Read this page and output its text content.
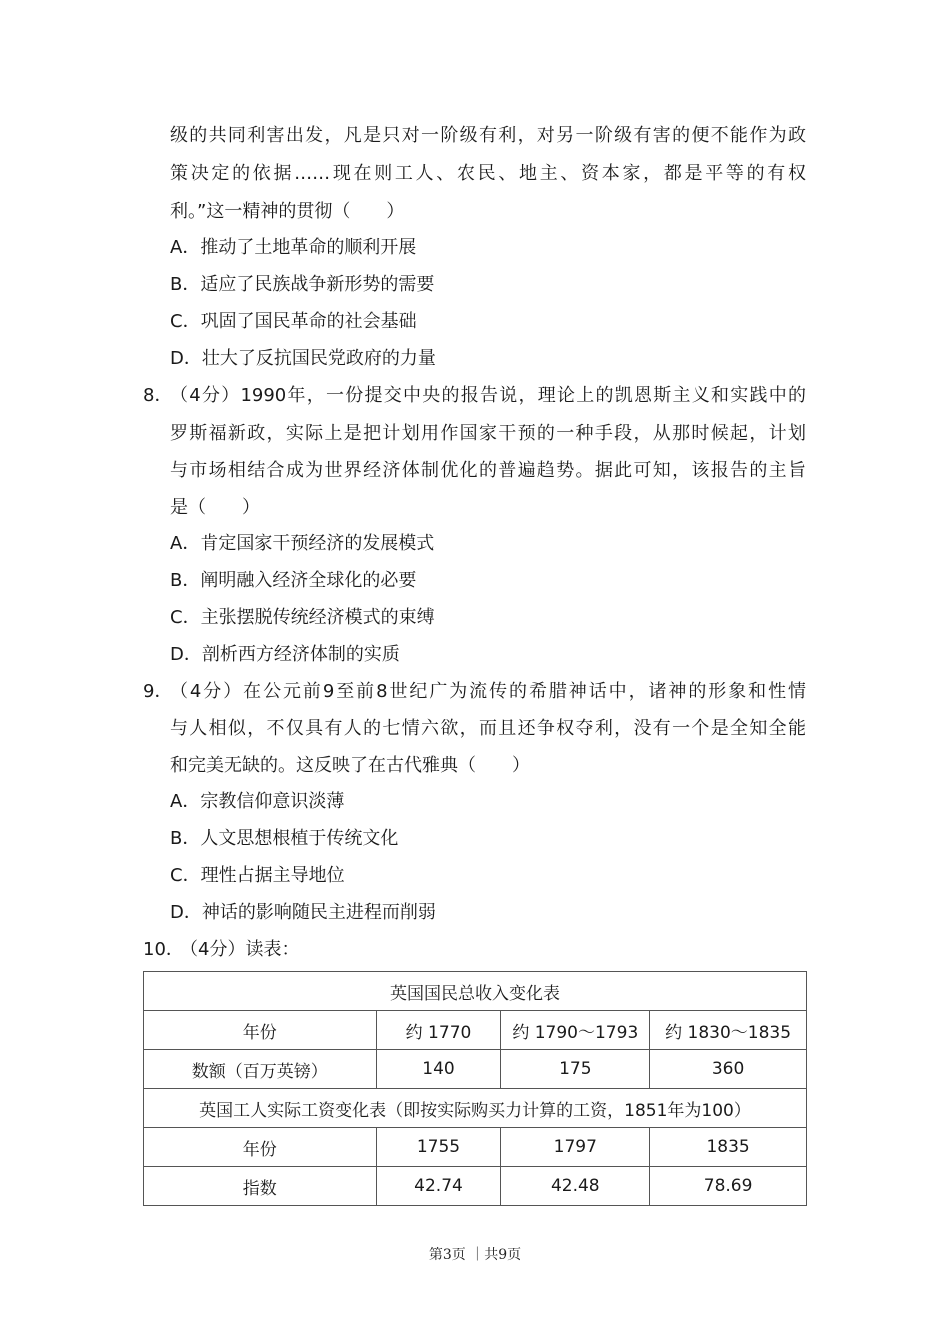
级的共同利害出发，凡是只对一阶级有利，对另一阶级有害的便不能作为政
策决定的依据……现在则工人、农民、地主、资本家，都是平等的有权
利。”这一精神的贯彻（　　）
A．推动了土地革命的顺利开展
B．适应了民族战争新形势的需要
C．巩固了国民革命的社会基础
D．壮大了反抗国民党政府的力量
8．
（4分）1990年，一份提交中央的报告说，理论上的凯恩斯主义和实践中的
罗斯福新政，实际上是把计划用作国家干预的一种手段，从那时候起，计划
与市场相结合成为世界经济体制优化的普遍趋势。据此可知，该报告的主旨
是（　　）
A．肯定国家干预经济的发展模式
B．阐明融入经济全球化的必要
C．主张摆脱传统经济模式的束缚
D．剖析西方经济体制的实质
9．
（4分）在公元前9至前8世纪广为流传的希腊神话中，诸神的形象和性情
与人相似，不仅具有人的七情六欲，而且还争权夺利，没有一个是全知全能
和完美无缺的。这反映了在古代雅典（　　）
A．宗教信仰意识淡薄
B．人文思想根植于传统文化
C．理性占据主导地位
D．神话的影响随民主进程而削弱
10．
（4分）读表：
英国国民总收入变化表			
年份	约 1770	约 1790～1793	约 1830～1835
数额（百万英镑）	140	175	360
英国工人实际工资变化表（即按实际购买力计算的工资，1851年为100）			
年份	1755	1797	1835
指数	42.74	42.48	78.69
第3页 ｜共9页
